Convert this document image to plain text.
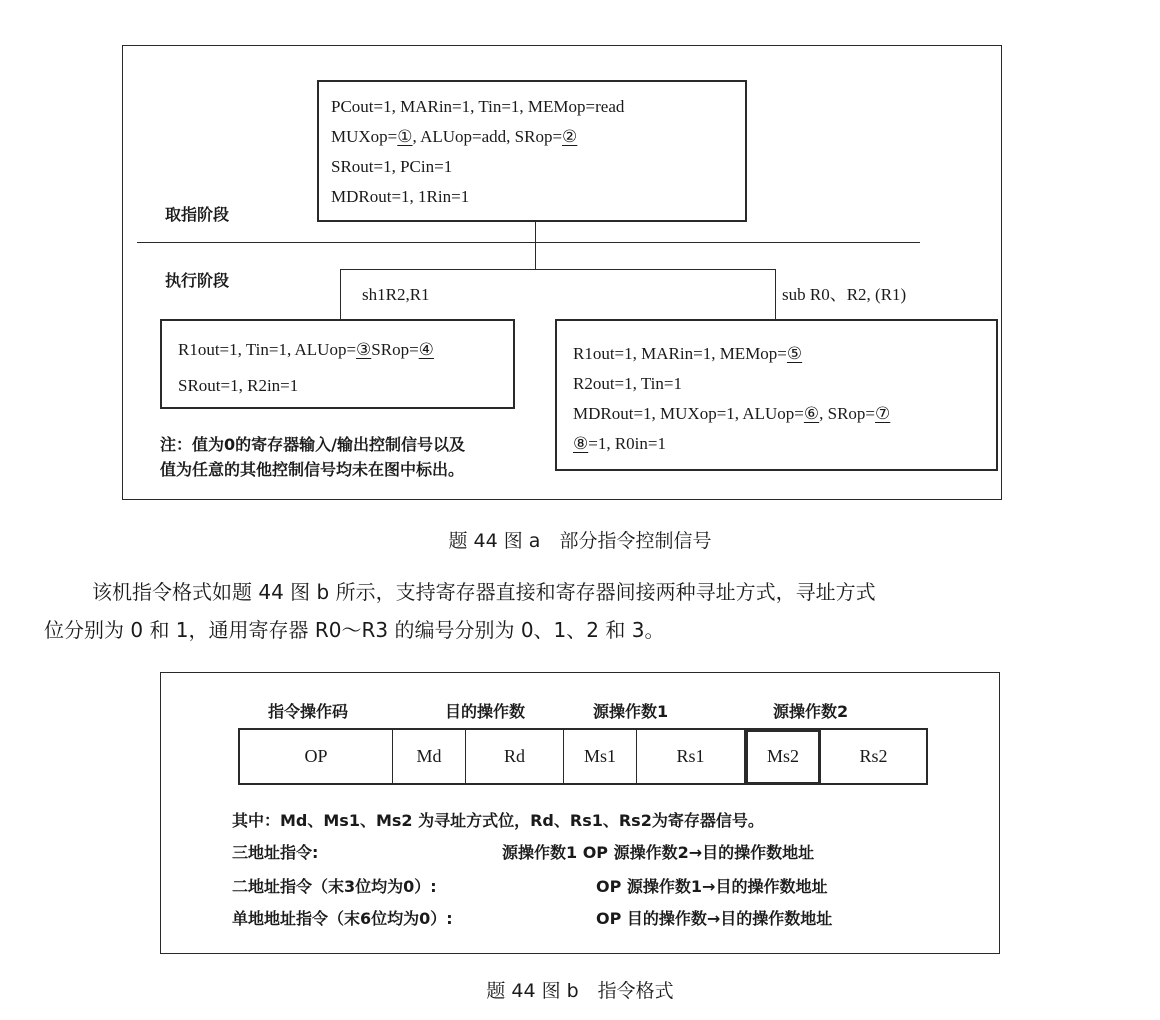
PCout=1, MARin=1, Tin=1, MEMop=read
MUXop=①, ALUop=add, SRop=②
SRout=1, PCin=1
MDRout=1, 1Rin=1
取指阶段
执行阶段
sh1R2,R1	sub R0、R2, (R1)
R1out=1, Tin=1, ALUop=③SRop=④
SRout=1, R2in=1
注：值为0的寄存器输入/输出控制信号以及
值为任意的其他控制信号均未在图中标出。
R1out=1, MARin=1, MEMop=⑤
R2out=1, Tin=1
MDRout=1, MUXop=1, ALUop=⑥, SRop=⑦
⑧=1, R0in=1
题 44 图 a　部分指令控制信号
该机指令格式如题 44 图 b 所示，支持寄存器直接和寄存器间接两种寻址方式，寻址方式
位分别为 0 和 1，通用寄存器 R0～R3 的编号分别为 0、1、2 和 3。
指令操作码	目的操作数	源操作数1	源操作数2
OP	Md	Rd	Ms1	Rs1	Ms2	Rs2
其中：Md、Ms1、Ms2 为寻址方式位，Rd、Rs1、Rs2为寄存器信号。
三地址指令:	源操作数1 OP 源操作数2→目的操作数地址
二地址指令（末3位均为0）:	OP 源操作数1→目的操作数地址
单地地址指令（末6位均为0）:	OP 目的操作数→目的操作数地址
题 44 图 b　指令格式
